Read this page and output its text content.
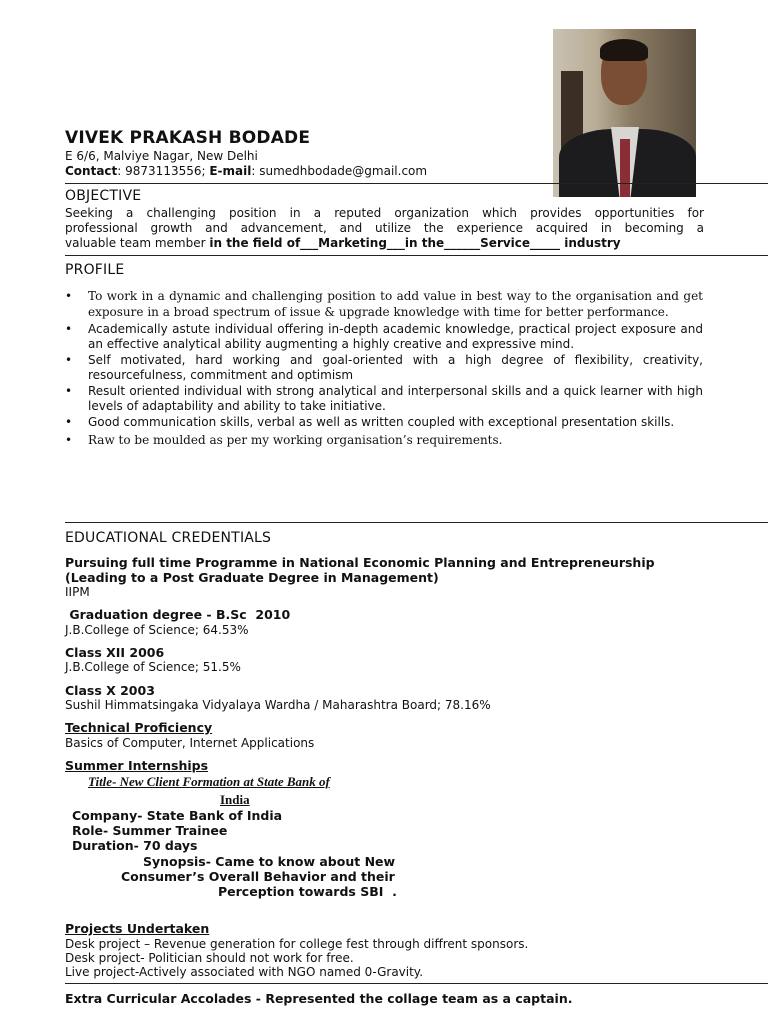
VIVEK PRAKASH BODADE
E 6/6, Malviye Nagar, New Delhi
Contact: 9873113556; E-mail: sumedhbodade@gmail.com
OBJECTIVE
Seeking a challenging position in a reputed organization which provides opportunities for
professional growth and advancement, and utilize the experience acquired in becoming a
valuable team member in the field of___Marketing___in the______Service_____ industry
PROFILE
• To work in a dynamic and challenging position to add value in best way to the organisation and get exposure in a broad spectrum of issue & upgrade knowledge with time for better performance.
• Academically astute individual offering in-depth academic knowledge, practical project exposure and an effective analytical ability augmenting a highly creative and expressive mind.
• Self motivated, hard working and goal-oriented with a high degree of flexibility, creativity, resourcefulness, commitment and optimism
• Result oriented individual with strong analytical and interpersonal skills and a quick learner with high levels of adaptability and ability to take initiative.
• Good communication skills, verbal as well as written coupled with exceptional presentation skills.
• Raw to be moulded as per my working organisation’s requirements.
EDUCATIONAL CREDENTIALS
Pursuing full time Programme in National Economic Planning and Entrepreneurship
(Leading to a Post Graduate Degree in Management)
IIPM
Graduation degree - B.Sc  2010
J.B.College of Science; 64.53%
Class XII 2006
J.B.College of Science; 51.5%
Class X 2003
Sushil Himmatsingaka Vidyalaya Wardha / Maharashtra Board; 78.16%
Technical Proficiency
Basics of Computer, Internet Applications
Summer Internships
Title- New Client Formation at State Bank of
India
Company- State Bank of India
Role- Summer Trainee
Duration- 70 days
Synopsis- Came to know about New
Consumer’s Overall Behavior and their
Perception towards SBI  .
Projects Undertaken
Desk project – Revenue generation for college fest through diffrent sponsors.
Desk project- Politician should not work for free.
Live project-Actively associated with NGO named 0-Gravity.
Extra Curricular Accolades - Represented the collage team as a captain.
